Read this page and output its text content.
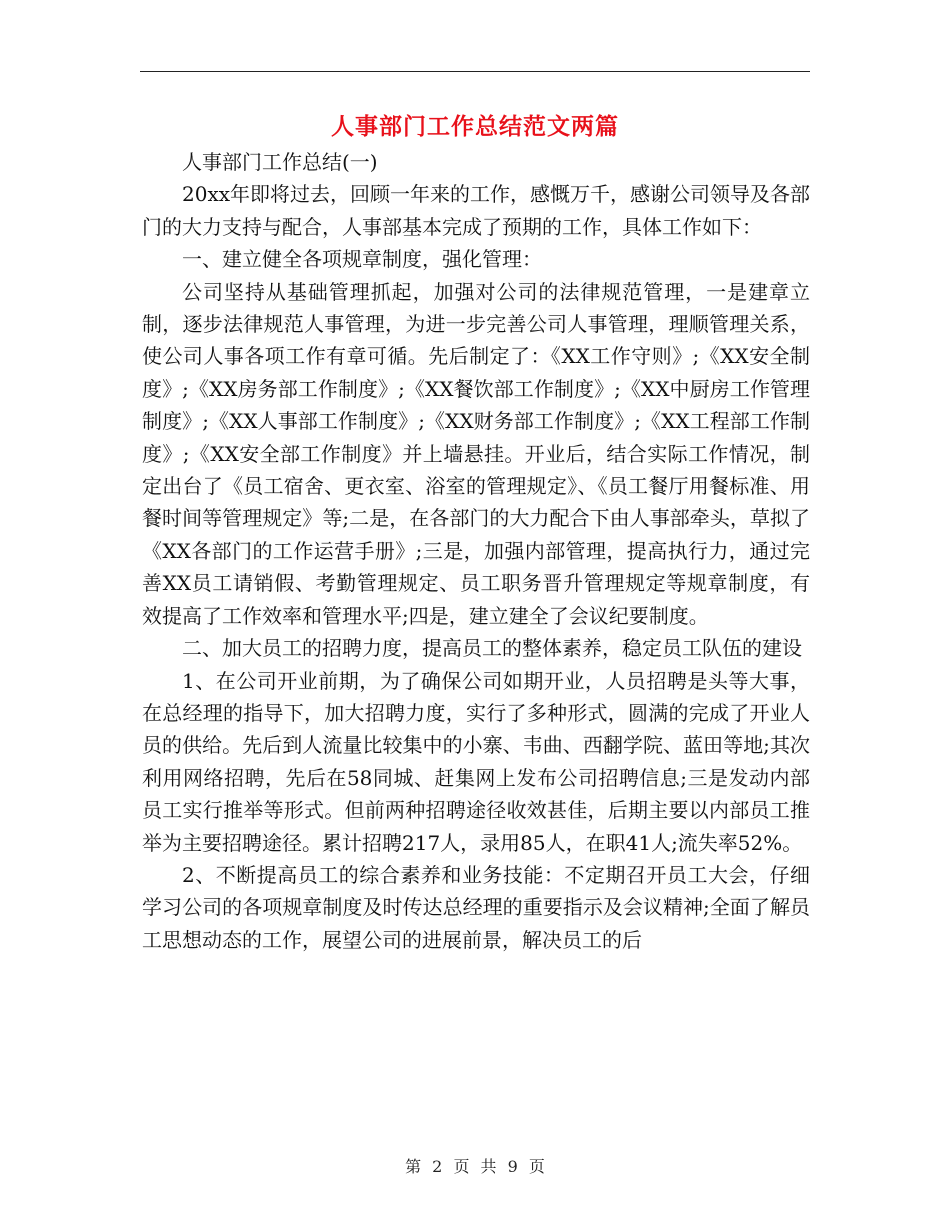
人事部门工作总结范文两篇

人事部门工作总结(一)

20xx年即将过去，回顾一年来的工作，感慨万千，感谢公司领导及各部门的大力支持与配合，人事部基本完成了预期的工作，具体工作如下：

一、建立健全各项规章制度，强化管理：

公司坚持从基础管理抓起，加强对公司的法律规范管理，一是建章立制，逐步法律规范人事管理，为进一步完善公司人事管理，理顺管理关系，使公司人事各项工作有章可循。先后制定了：《XX工作守则》;《XX安全制度》;《XX房务部工作制度》;《XX餐饮部工作制度》;《XX中厨房工作管理制度》;《XX人事部工作制度》;《XX财务部工作制度》;《XX工程部工作制度》;《XX安全部工作制度》并上墙悬挂。开业后，结合实际工作情况，制定出台了《员工宿舍、更衣室、浴室的管理规定》、《员工餐厅用餐标准、用餐时间等管理规定》等;二是，在各部门的大力配合下由人事部牵头，草拟了《XX各部门的工作运营手册》;三是，加强内部管理，提高执行力，通过完善XX员工请销假、考勤管理规定、员工职务晋升管理规定等规章制度，有效提高了工作效率和管理水平;四是，建立建全了会议纪要制度。

二、加大员工的招聘力度，提高员工的整体素养，稳定员工队伍的建设

1、在公司开业前期，为了确保公司如期开业，人员招聘是头等大事，在总经理的指导下，加大招聘力度，实行了多种形式，圆满的完成了开业人员的供给。先后到人流量比较集中的小寨、韦曲、西翻学院、蓝田等地;其次利用网络招聘，先后在58同城、赶集网上发布公司招聘信息;三是发动内部员工实行推举等形式。但前两种招聘途径收效甚佳，后期主要以内部员工推举为主要招聘途径。累计招聘217人，录用85人，在职41人;流失率52%。

2、不断提高员工的综合素养和业务技能：不定期召开员工大会，仔细学习公司的各项规章制度及时传达总经理的重要指示及会议精神;全面了解员工思想动态的工作，展望公司的进展前景，解决员工的后

第 2 页 共 9 页
